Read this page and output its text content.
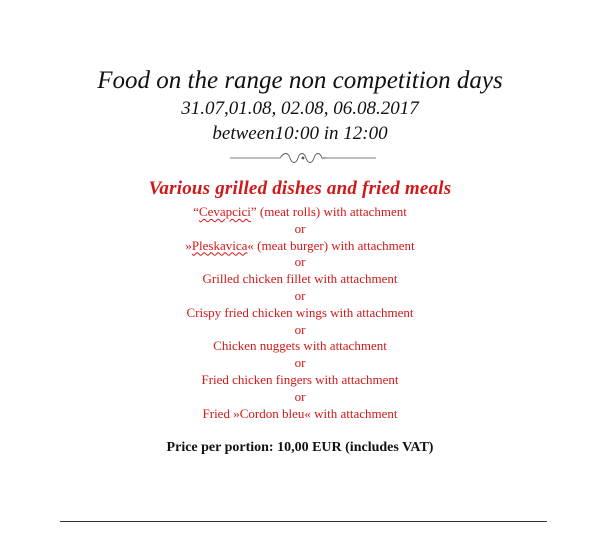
Food on the range non competition days
31.07,01.08, 02.08, 06.08.2017
between10:00 in 12:00
Various grilled dishes and fried meals
“Cevapcici” (meat rolls) with attachment
or
»Pleskavica« (meat burger) with attachment
or
Grilled chicken fillet with attachment
or
Crispy fried chicken wings with attachment
or
Chicken nuggets with attachment
or
Fried chicken fingers with attachment
or
Fried »Cordon bleu« with attachment
Price per portion: 10,00 EUR (includes VAT)
